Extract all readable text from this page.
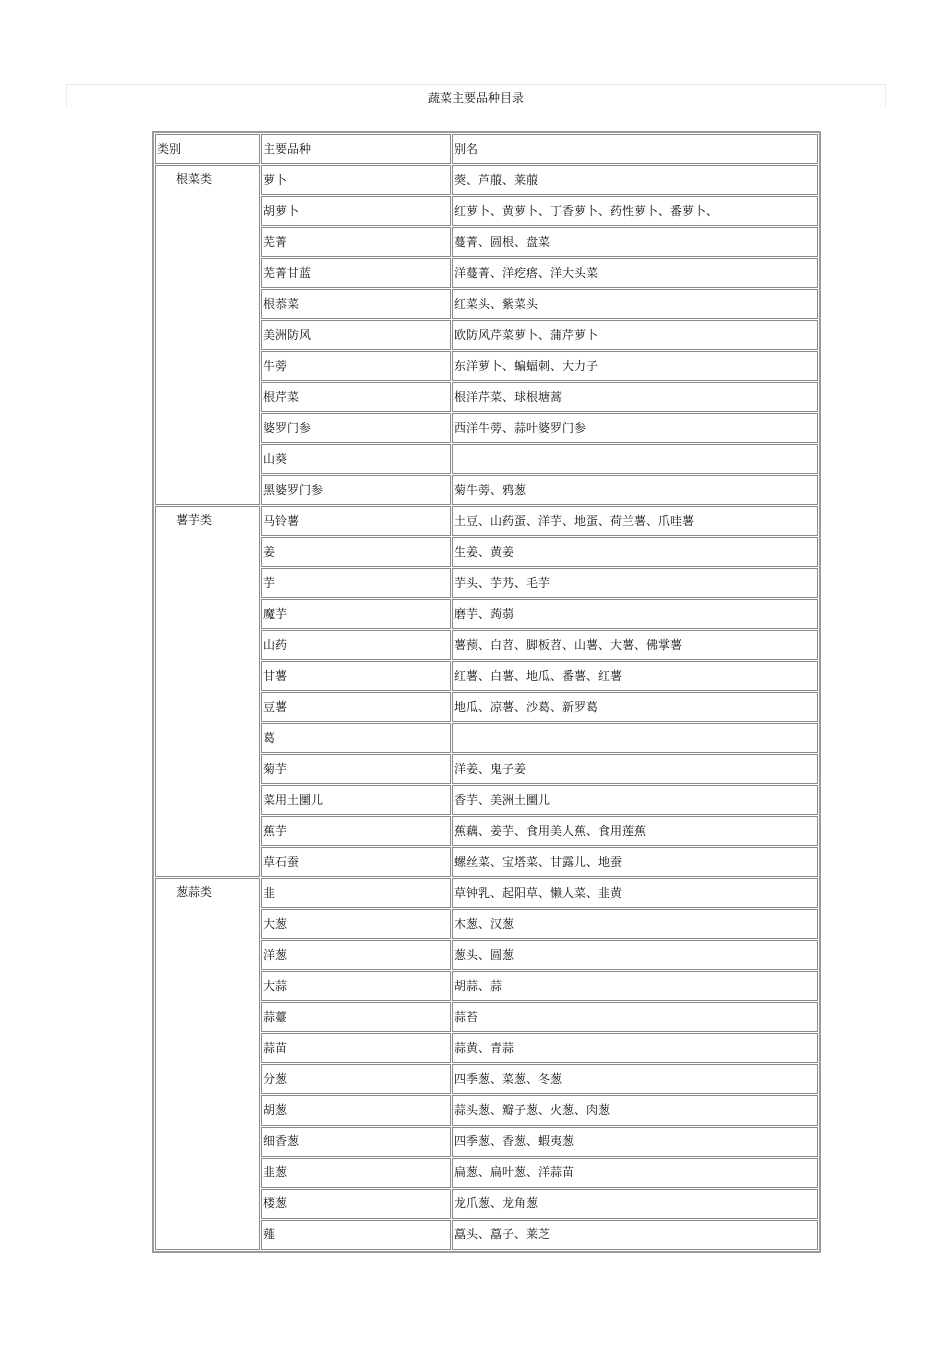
蔬菜主要品种目录
类别	主要品种	别名
根菜类	萝卜	葖、芦菔、莱菔
	胡萝卜	红萝卜、黄萝卜、丁香萝卜、药性萝卜、番萝卜、
	芜菁	蔓菁、圆根、盘菜
	芜菁甘蓝	洋蔓菁、洋疙瘩、洋大头菜
	根菾菜	红菜头、紫菜头
	美洲防风	欧防风芹菜萝卜、蒲芹萝卜
	牛蒡	东洋萝卜、蝙蝠刺、大力子
	根芹菜	根洋芹菜、球根塘蒿
	婆罗门参	西洋牛蒡、蒜叶婆罗门参
	山葵	
	黑婆罗门参	菊牛蒡、鸦葱
薯芋类	马铃薯	土豆、山药蛋、洋芋、地蛋、荷兰薯、爪哇薯
	姜	生姜、黄姜
	芋	芋头、芋艿、毛芋
	魔芋	磨芋、蒟蒻
	山药	薯蓣、白苕、脚板苕、山薯、大薯、佛掌薯
	甘薯	红薯、白薯、地瓜、番薯、红薯
	豆薯	地瓜、凉薯、沙葛、新罗葛
	葛	
	菊芋	洋姜、鬼子姜
	菜用土圞儿	香芋、美洲土圞儿
	蕉芋	蕉藕、姜芋、食用美人蕉、食用莲蕉
	草石蚕	螺丝菜、宝塔菜、甘露儿、地蚕
葱蒜类	韭	草钟乳、起阳草、懒人菜、韭黄
	大葱	木葱、汉葱
	洋葱	葱头、圆葱
	大蒜	胡蒜、蒜
	蒜薹	蒜苔
	蒜苗	蒜黄、青蒜
	分葱	四季葱、菜葱、冬葱
	胡葱	蒜头葱、瓣子葱、火葱、肉葱
	细香葱	四季葱、香葱、蝦夷葱
	韭葱	扁葱、扁叶葱、洋蒜苗
	楼葱	龙爪葱、龙角葱
	薤	藠头、藠子、莱芝
